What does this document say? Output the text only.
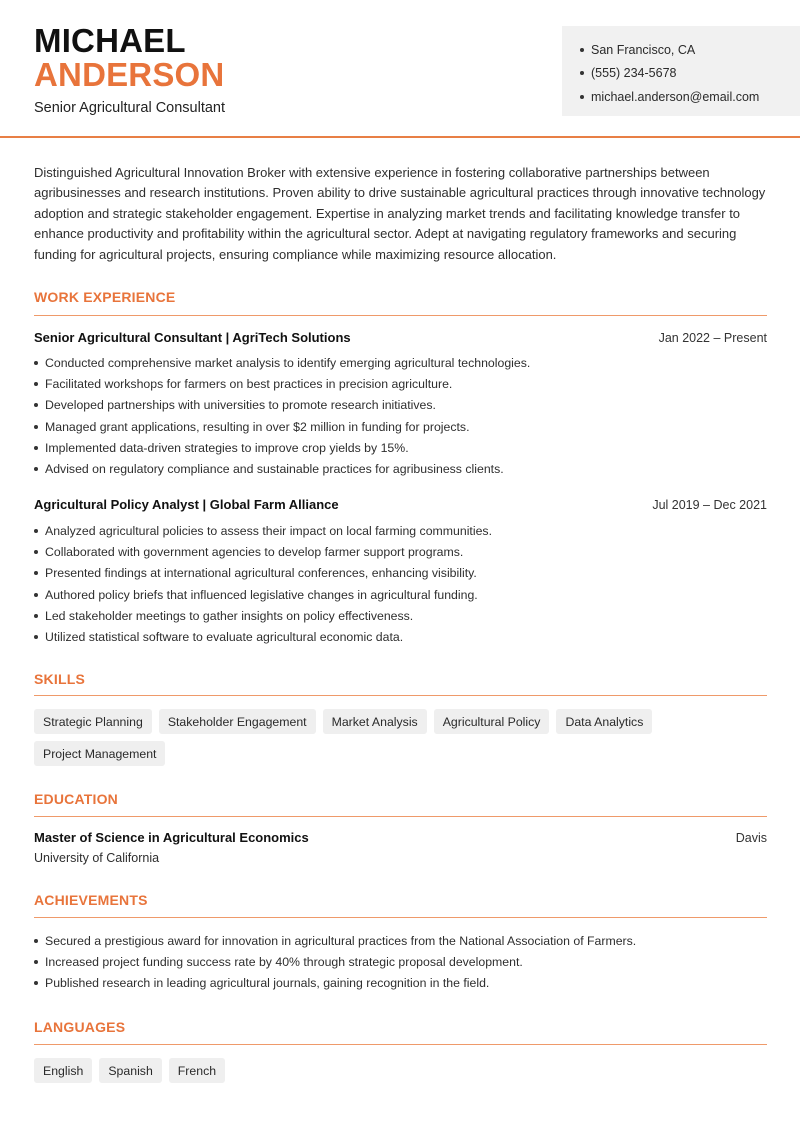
MICHAEL
ANDERSON
Senior Agricultural Consultant
San Francisco, CA
(555) 234-5678
michael.anderson@email.com

Distinguished Agricultural Innovation Broker with extensive experience in fostering collaborative partnerships between agribusinesses and research institutions. Proven ability to drive sustainable agricultural practices through innovative technology adoption and strategic stakeholder engagement. Expertise in analyzing market trends and facilitating knowledge transfer to enhance productivity and profitability within the agricultural sector. Adept at navigating regulatory frameworks and securing funding for agricultural projects, ensuring compliance while maximizing resource allocation.

WORK EXPERIENCE
Senior Agricultural Consultant | AgriTech Solutions	Jan 2022 – Present
Conducted comprehensive market analysis to identify emerging agricultural technologies.
Facilitated workshops for farmers on best practices in precision agriculture.
Developed partnerships with universities to promote research initiatives.
Managed grant applications, resulting in over $2 million in funding for projects.
Implemented data-driven strategies to improve crop yields by 15%.
Advised on regulatory compliance and sustainable practices for agribusiness clients.
Agricultural Policy Analyst | Global Farm Alliance	Jul 2019 – Dec 2021
Analyzed agricultural policies to assess their impact on local farming communities.
Collaborated with government agencies to develop farmer support programs.
Presented findings at international agricultural conferences, enhancing visibility.
Authored policy briefs that influenced legislative changes in agricultural funding.
Led stakeholder meetings to gather insights on policy effectiveness.
Utilized statistical software to evaluate agricultural economic data.
SKILLS
Strategic Planning	Stakeholder Engagement	Market Analysis	Agricultural Policy	Data Analytics
Project Management
EDUCATION
Master of Science in Agricultural Economics	Davis
University of California
ACHIEVEMENTS
Secured a prestigious award for innovation in agricultural practices from the National Association of Farmers.
Increased project funding success rate by 40% through strategic proposal development.
Published research in leading agricultural journals, gaining recognition in the field.
LANGUAGES
English	Spanish	French
